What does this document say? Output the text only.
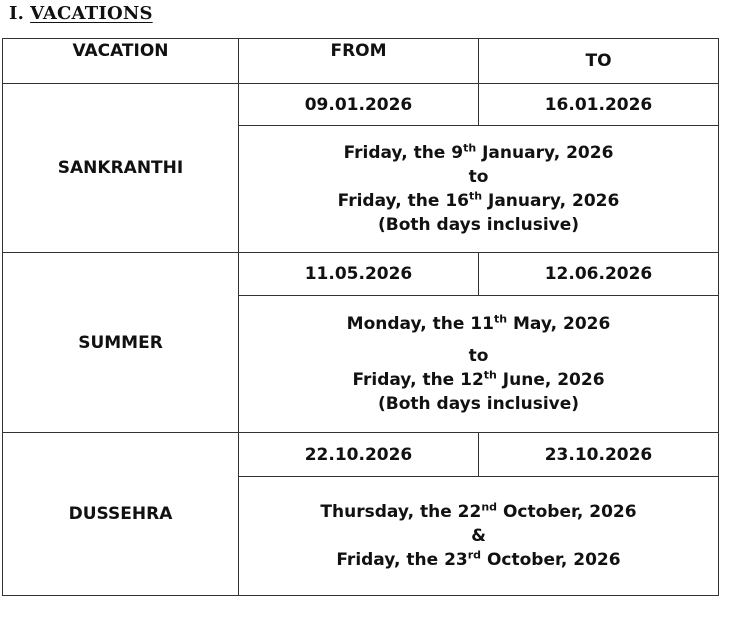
I. VACATIONS
VACATION	FROM	TO
SANKRANTHI	09.01.2026	16.01.2026

	Friday, the 9th January, 2026
to
Friday, the 16th January, 2026
(Both days inclusive)	

SUMMER	11.05.2026	12.06.2026

	Monday, the 11th May, 2026
to
Friday, the 12th June, 2026
(Both days inclusive)	

DUSSEHRA	22.10.2026	23.10.2026

	Thursday, the 22nd October, 2026
&
Friday, the 23rd October, 2026	
